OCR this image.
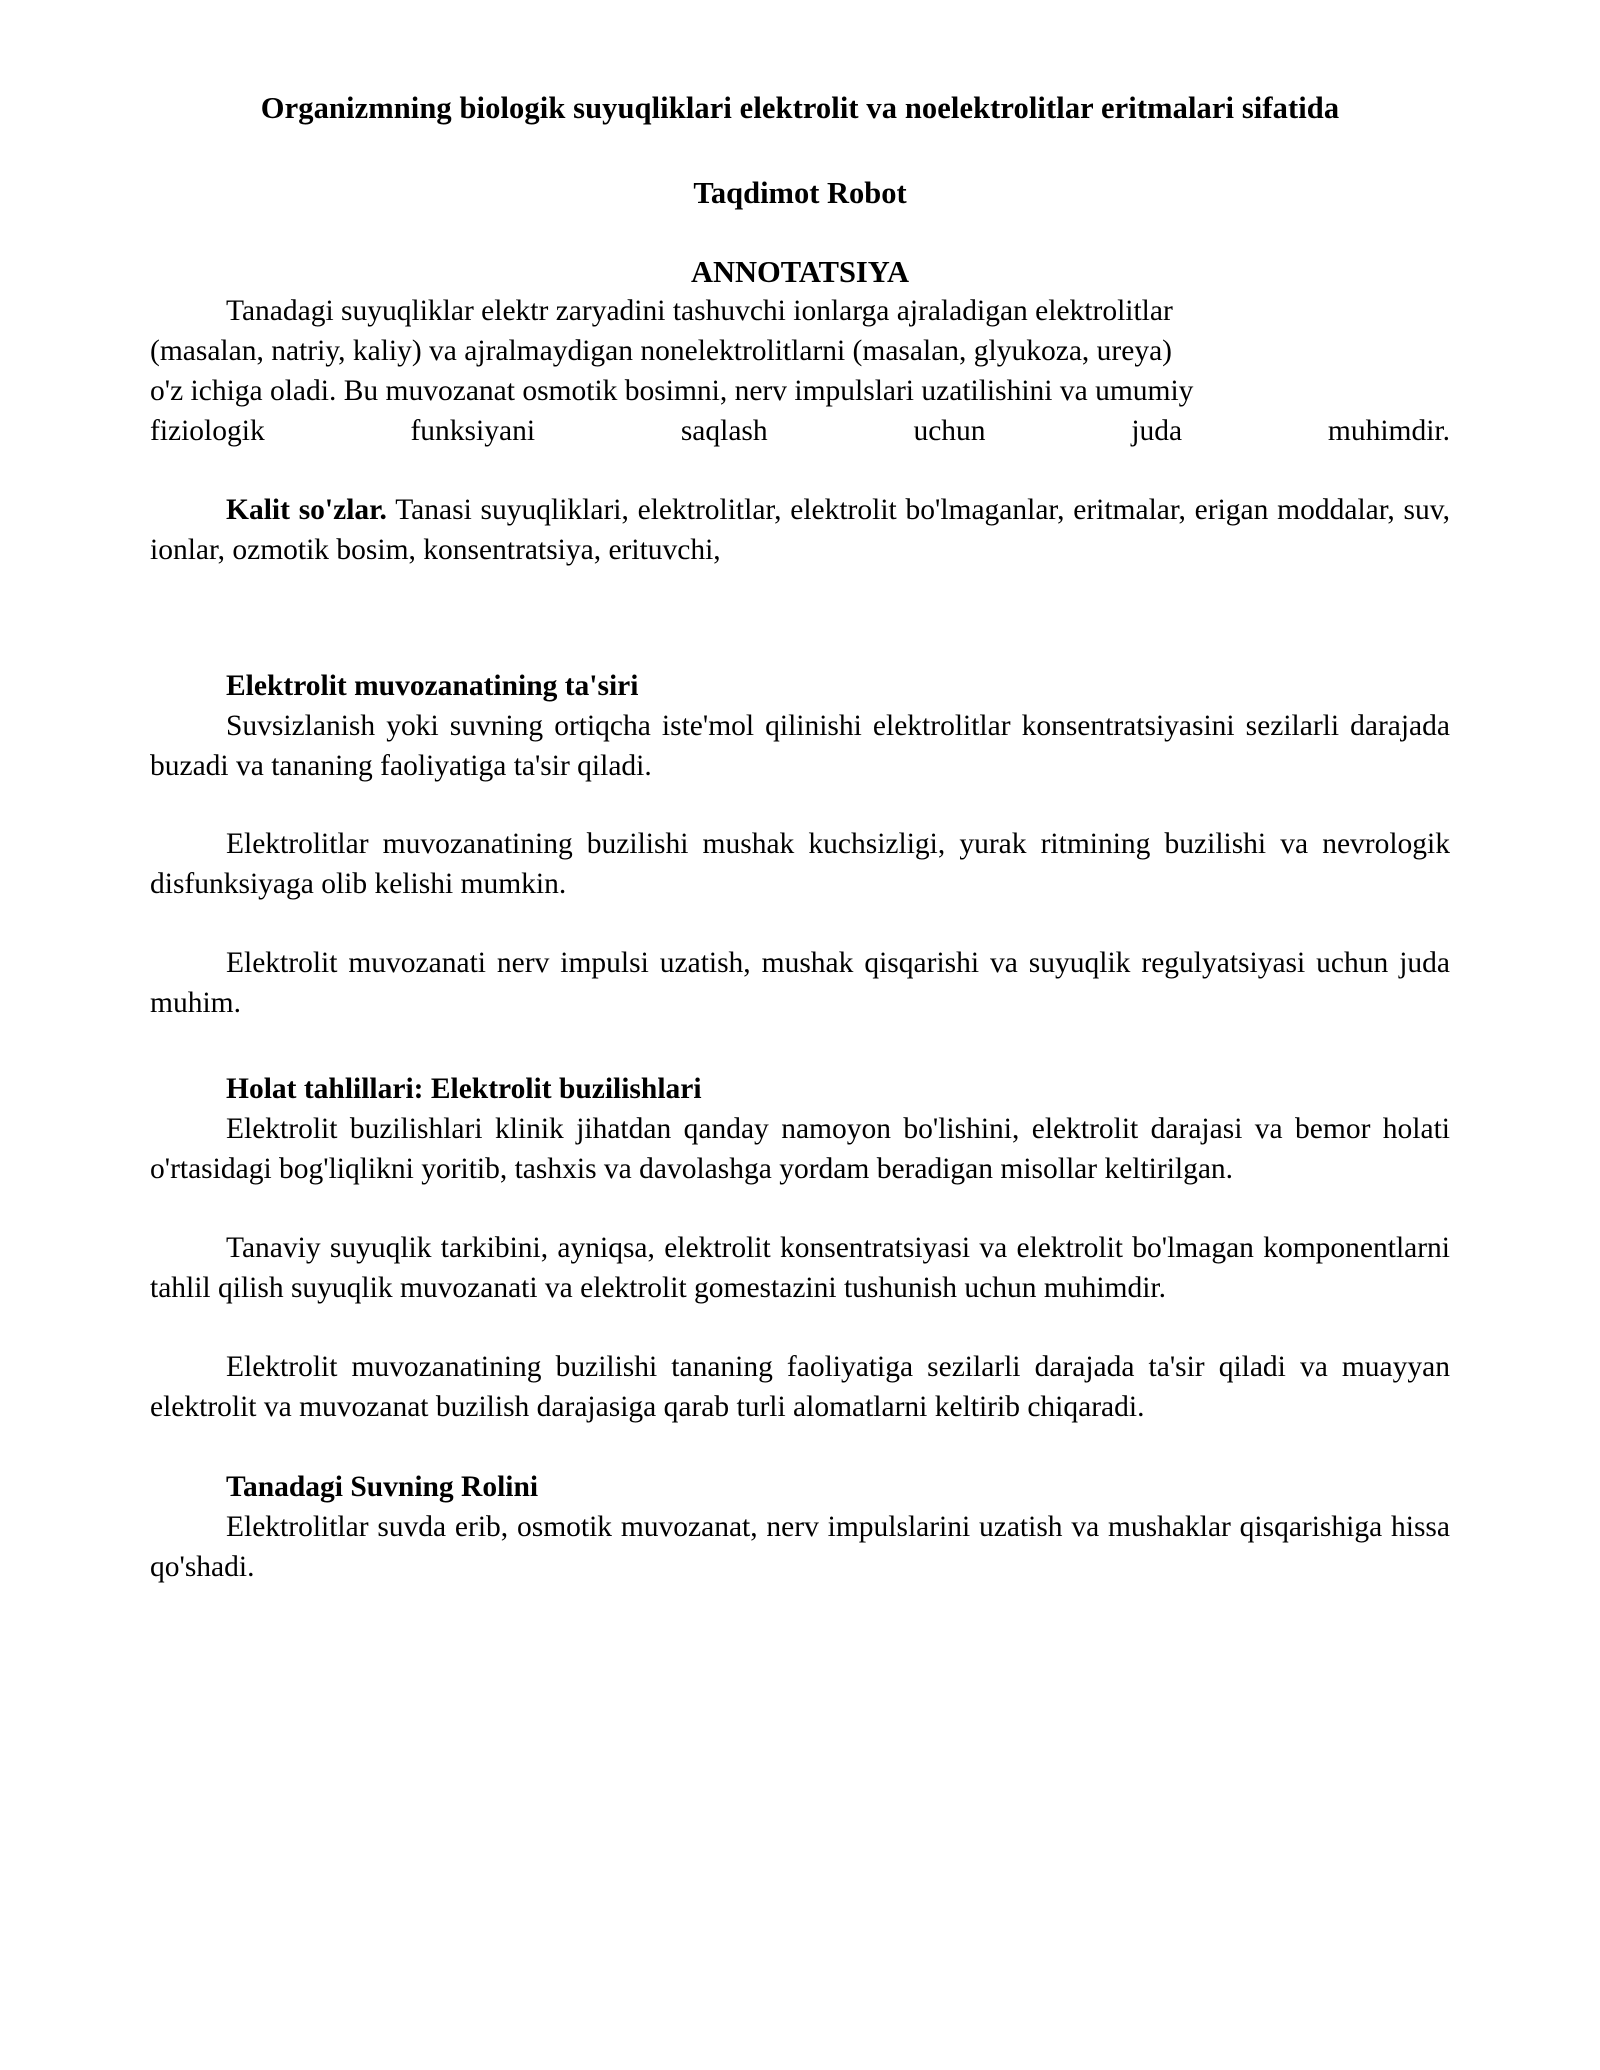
Organizmning biologik suyuqliklari elektrolit va noelektrolitlar eritmalari sifatida
Taqdimot Robot
ANNOTATSIYA

Tanadagi suyuqliklar elektr zaryadini tashuvchi ionlarga ajraladigan elektrolitlar

(masalan, natriy, kaliy) va ajralmaydigan nonelektrolitlarni (masalan, glyukoza, ureya)

o'z ichiga oladi. Bu muvozanat osmotik bosimni, nerv impulslari uzatilishini va umumiy

fiziologik	funksiyani	saqlash	uchun	juda	muhimdir.

Kalit so'zlar. Tanasi suyuqliklari, elektrolitlar, elektrolit bo'lmaganlar, eritmalar, erigan moddalar, suv, ionlar, ozmotik bosim, konsentratsiya, erituvchi,

Elektrolit muvozanatining ta'siri

Suvsizlanish yoki suvning ortiqcha iste'mol qilinishi elektrolitlar konsentratsiyasini sezilarli darajada buzadi va tananing faoliyatiga ta'sir qiladi.

Elektrolitlar muvozanatining buzilishi mushak kuchsizligi, yurak ritmining buzilishi va nevrologik disfunksiyaga olib kelishi mumkin.

Elektrolit muvozanati nerv impulsi uzatish, mushak qisqarishi va suyuqlik regulyatsiyasi uchun juda muhim.

Holat tahlillari: Elektrolit buzilishlari

Elektrolit buzilishlari klinik jihatdan qanday namoyon bo'lishini, elektrolit darajasi va bemor holati o'rtasidagi bog'liqlikni yoritib, tashxis va davolashga yordam beradigan misollar keltirilgan.

Tanaviy suyuqlik tarkibini, ayniqsa, elektrolit konsentratsiyasi va elektrolit bo'lmagan komponentlarni tahlil qilish suyuqlik muvozanati va elektrolit gomestazini tushunish uchun muhimdir.

Elektrolit muvozanatining buzilishi tananing faoliyatiga sezilarli darajada ta'sir qiladi va muayyan elektrolit va muvozanat buzilish darajasiga qarab turli alomatlarni keltirib chiqaradi.

Tanadagi Suvning Rolini

Elektrolitlar suvda erib, osmotik muvozanat, nerv impulslarini uzatish va mushaklar qisqarishiga hissa qo'shadi.
